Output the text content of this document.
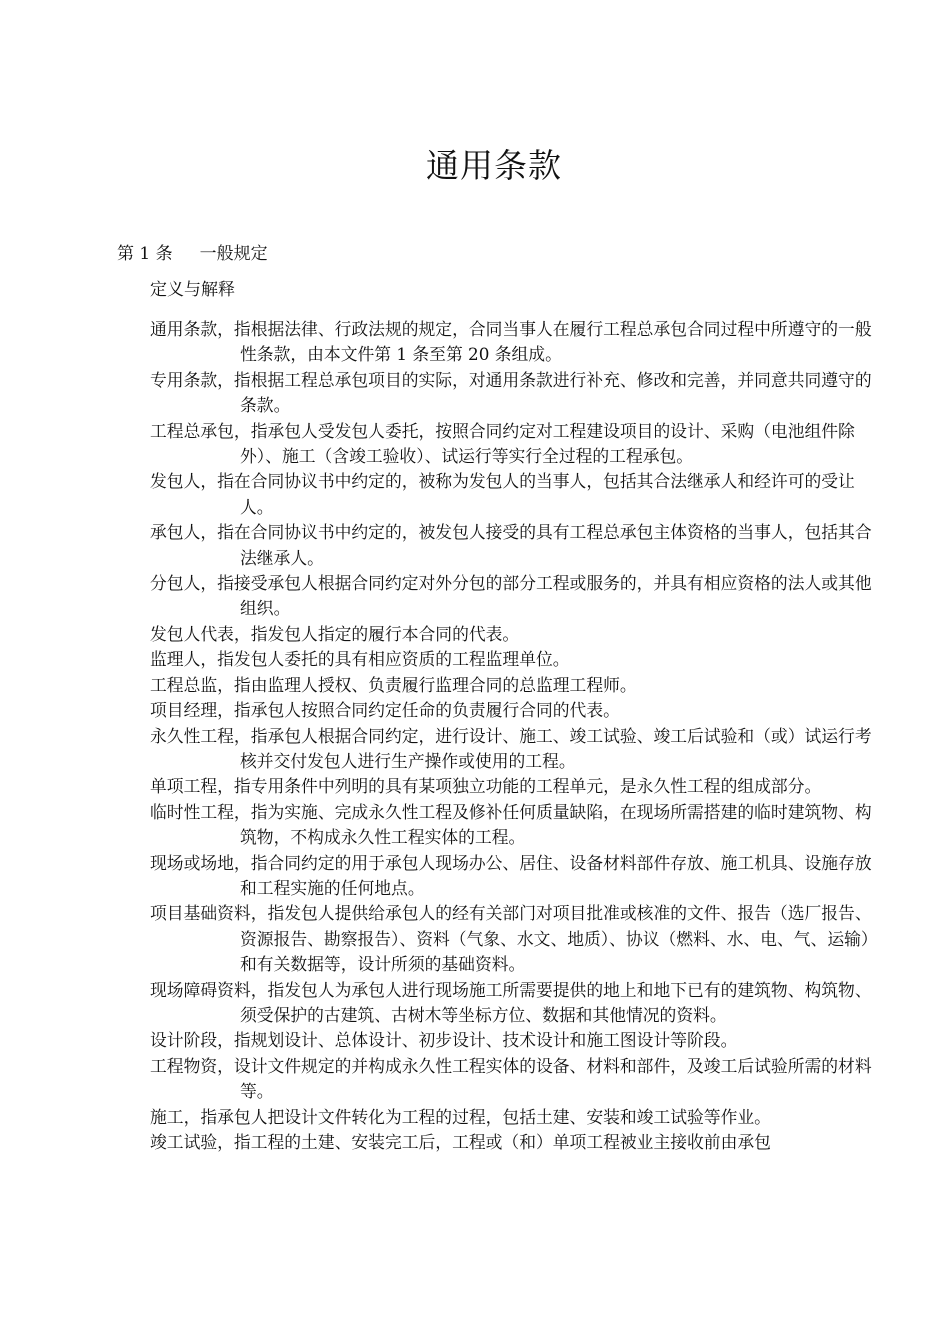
通用条款
第 1 条     一般规定
定义与解释
通用条款，指根据法律、行政法规的规定，合同当事人在履行工程总承包合同过程中所遵守的一般性条款，由本文件第 1 条至第 20 条组成。
专用条款，指根据工程总承包项目的实际，对通用条款进行补充、修改和完善，并同意共同遵守的条款。
工程总承包，指承包人受发包人委托，按照合同约定对工程建设项目的设计、采购（电池组件除外）、施工（含竣工验收）、试运行等实行全过程的工程承包。
发包人，指在合同协议书中约定的，被称为发包人的当事人，包括其合法继承人和经许可的受让人。
承包人，指在合同协议书中约定的，被发包人接受的具有工程总承包主体资格的当事人，包括其合法继承人。
分包人，指接受承包人根据合同约定对外分包的部分工程或服务的，并具有相应资格的法人或其他组织。
发包人代表，指发包人指定的履行本合同的代表。
监理人，指发包人委托的具有相应资质的工程监理单位。
工程总监，指由监理人授权、负责履行监理合同的总监理工程师。
项目经理，指承包人按照合同约定任命的负责履行合同的代表。
永久性工程，指承包人根据合同约定，进行设计、施工、竣工试验、竣工后试验和（或）试运行考核并交付发包人进行生产操作或使用的工程。
单项工程，指专用条件中列明的具有某项独立功能的工程单元，是永久性工程的组成部分。
临时性工程，指为实施、完成永久性工程及修补任何质量缺陷，在现场所需搭建的临时建筑物、构筑物，不构成永久性工程实体的工程。
现场或场地，指合同约定的用于承包人现场办公、居住、设备材料部件存放、施工机具、设施存放和工程实施的任何地点。
项目基础资料，指发包人提供给承包人的经有关部门对项目批准或核准的文件、报告（选厂报告、资源报告、勘察报告）、资料（气象、水文、地质）、协议（燃料、水、电、气、运输）和有关数据等，设计所须的基础资料。
现场障碍资料，指发包人为承包人进行现场施工所需要提供的地上和地下已有的建筑物、构筑物、须受保护的古建筑、古树木等坐标方位、数据和其他情况的资料。
设计阶段，指规划设计、总体设计、初步设计、技术设计和施工图设计等阶段。
工程物资，设计文件规定的并构成永久性工程实体的设备、材料和部件，及竣工后试验所需的材料等。
施工，指承包人把设计文件转化为工程的过程，包括土建、安装和竣工试验等作业。
竣工试验，指工程的土建、安装完工后，工程或（和）单项工程被业主接收前由承包
